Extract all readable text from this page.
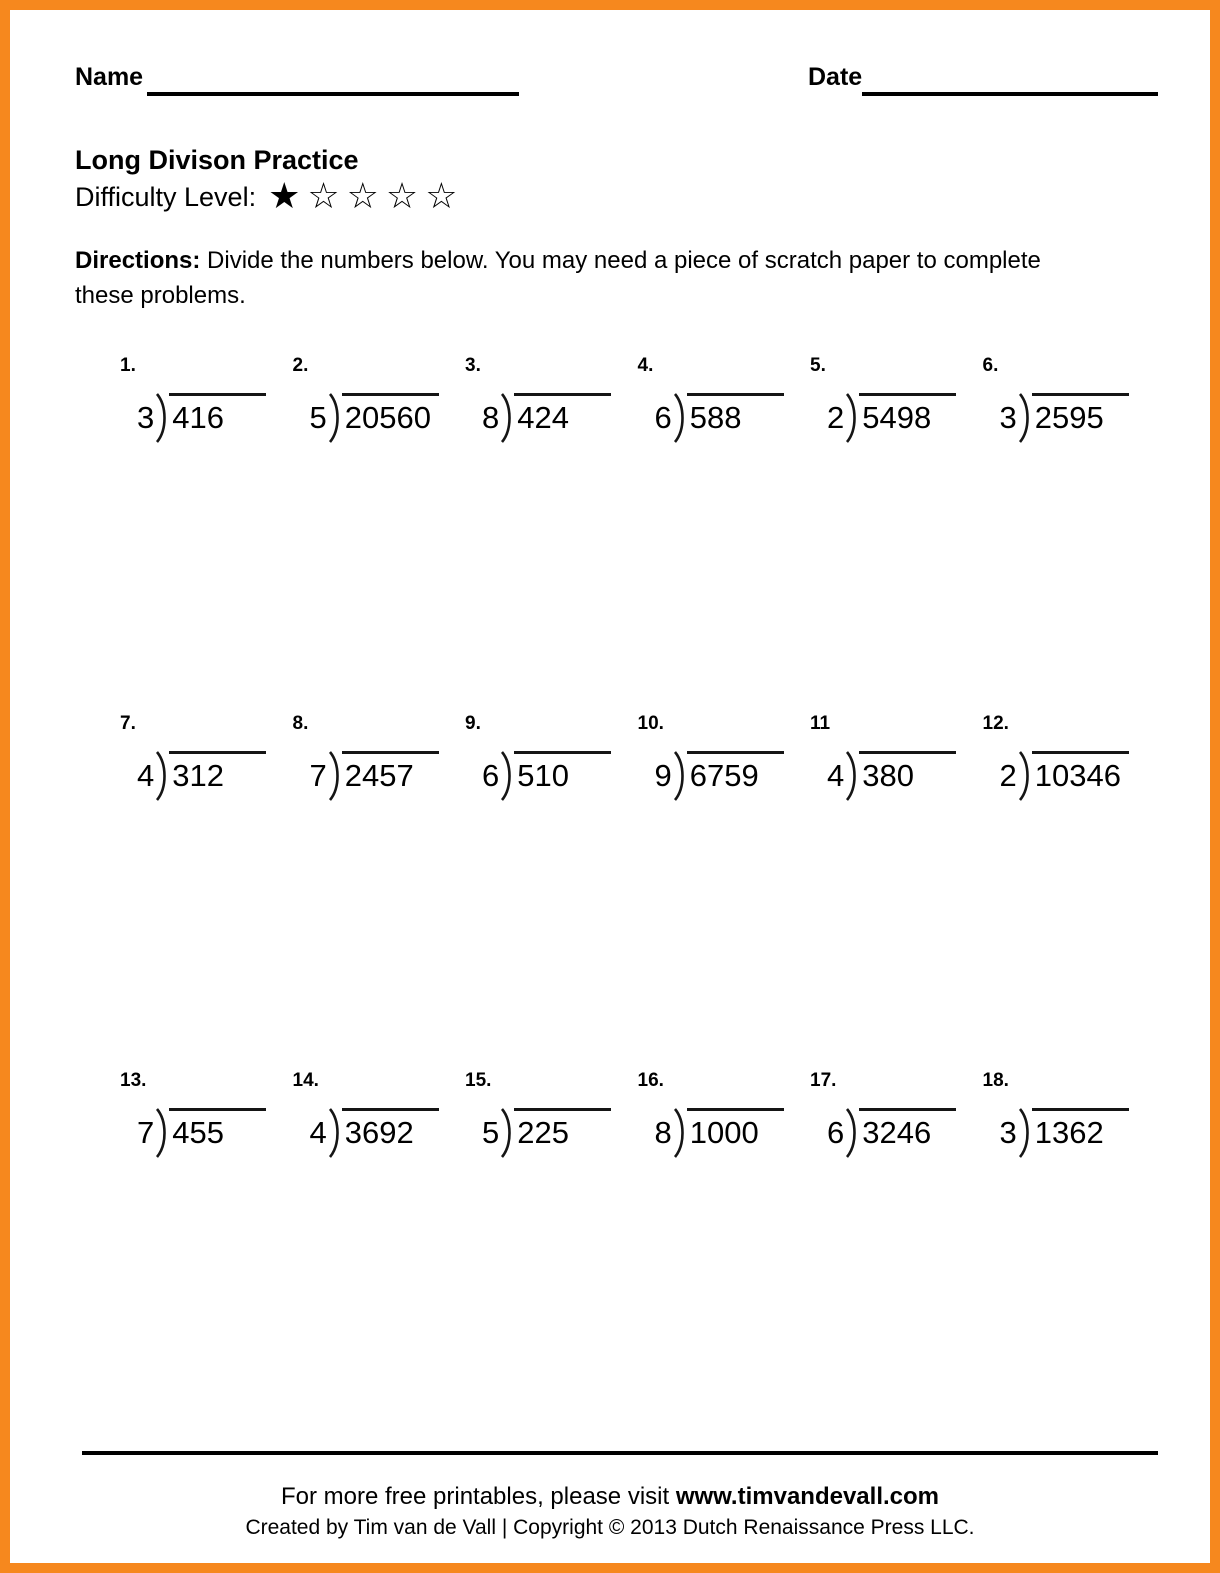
Name	Date
Long Divison Practice
Difficulty Level: ★ ☆ ☆ ☆ ☆
Directions: Divide the numbers below. You may need a piece of scratch paper to complete these problems.
1.
3 416
2.
5 20560
3.
8 424
4.
6 588
5.
2 5498
6.
3 2595
7.
4 312
8.
7 2457
9.
6 510
10.
9 6759
11
4 380
12.
2 10346
13.
7 455
14.
4 3692
15.
5 225
16.
8 1000
17.
6 3246
18.
3 1362
For more free printables, please visit www.timvandevall.com
Created by Tim van de Vall | Copyright © 2013 Dutch Renaissance Press LLC.
